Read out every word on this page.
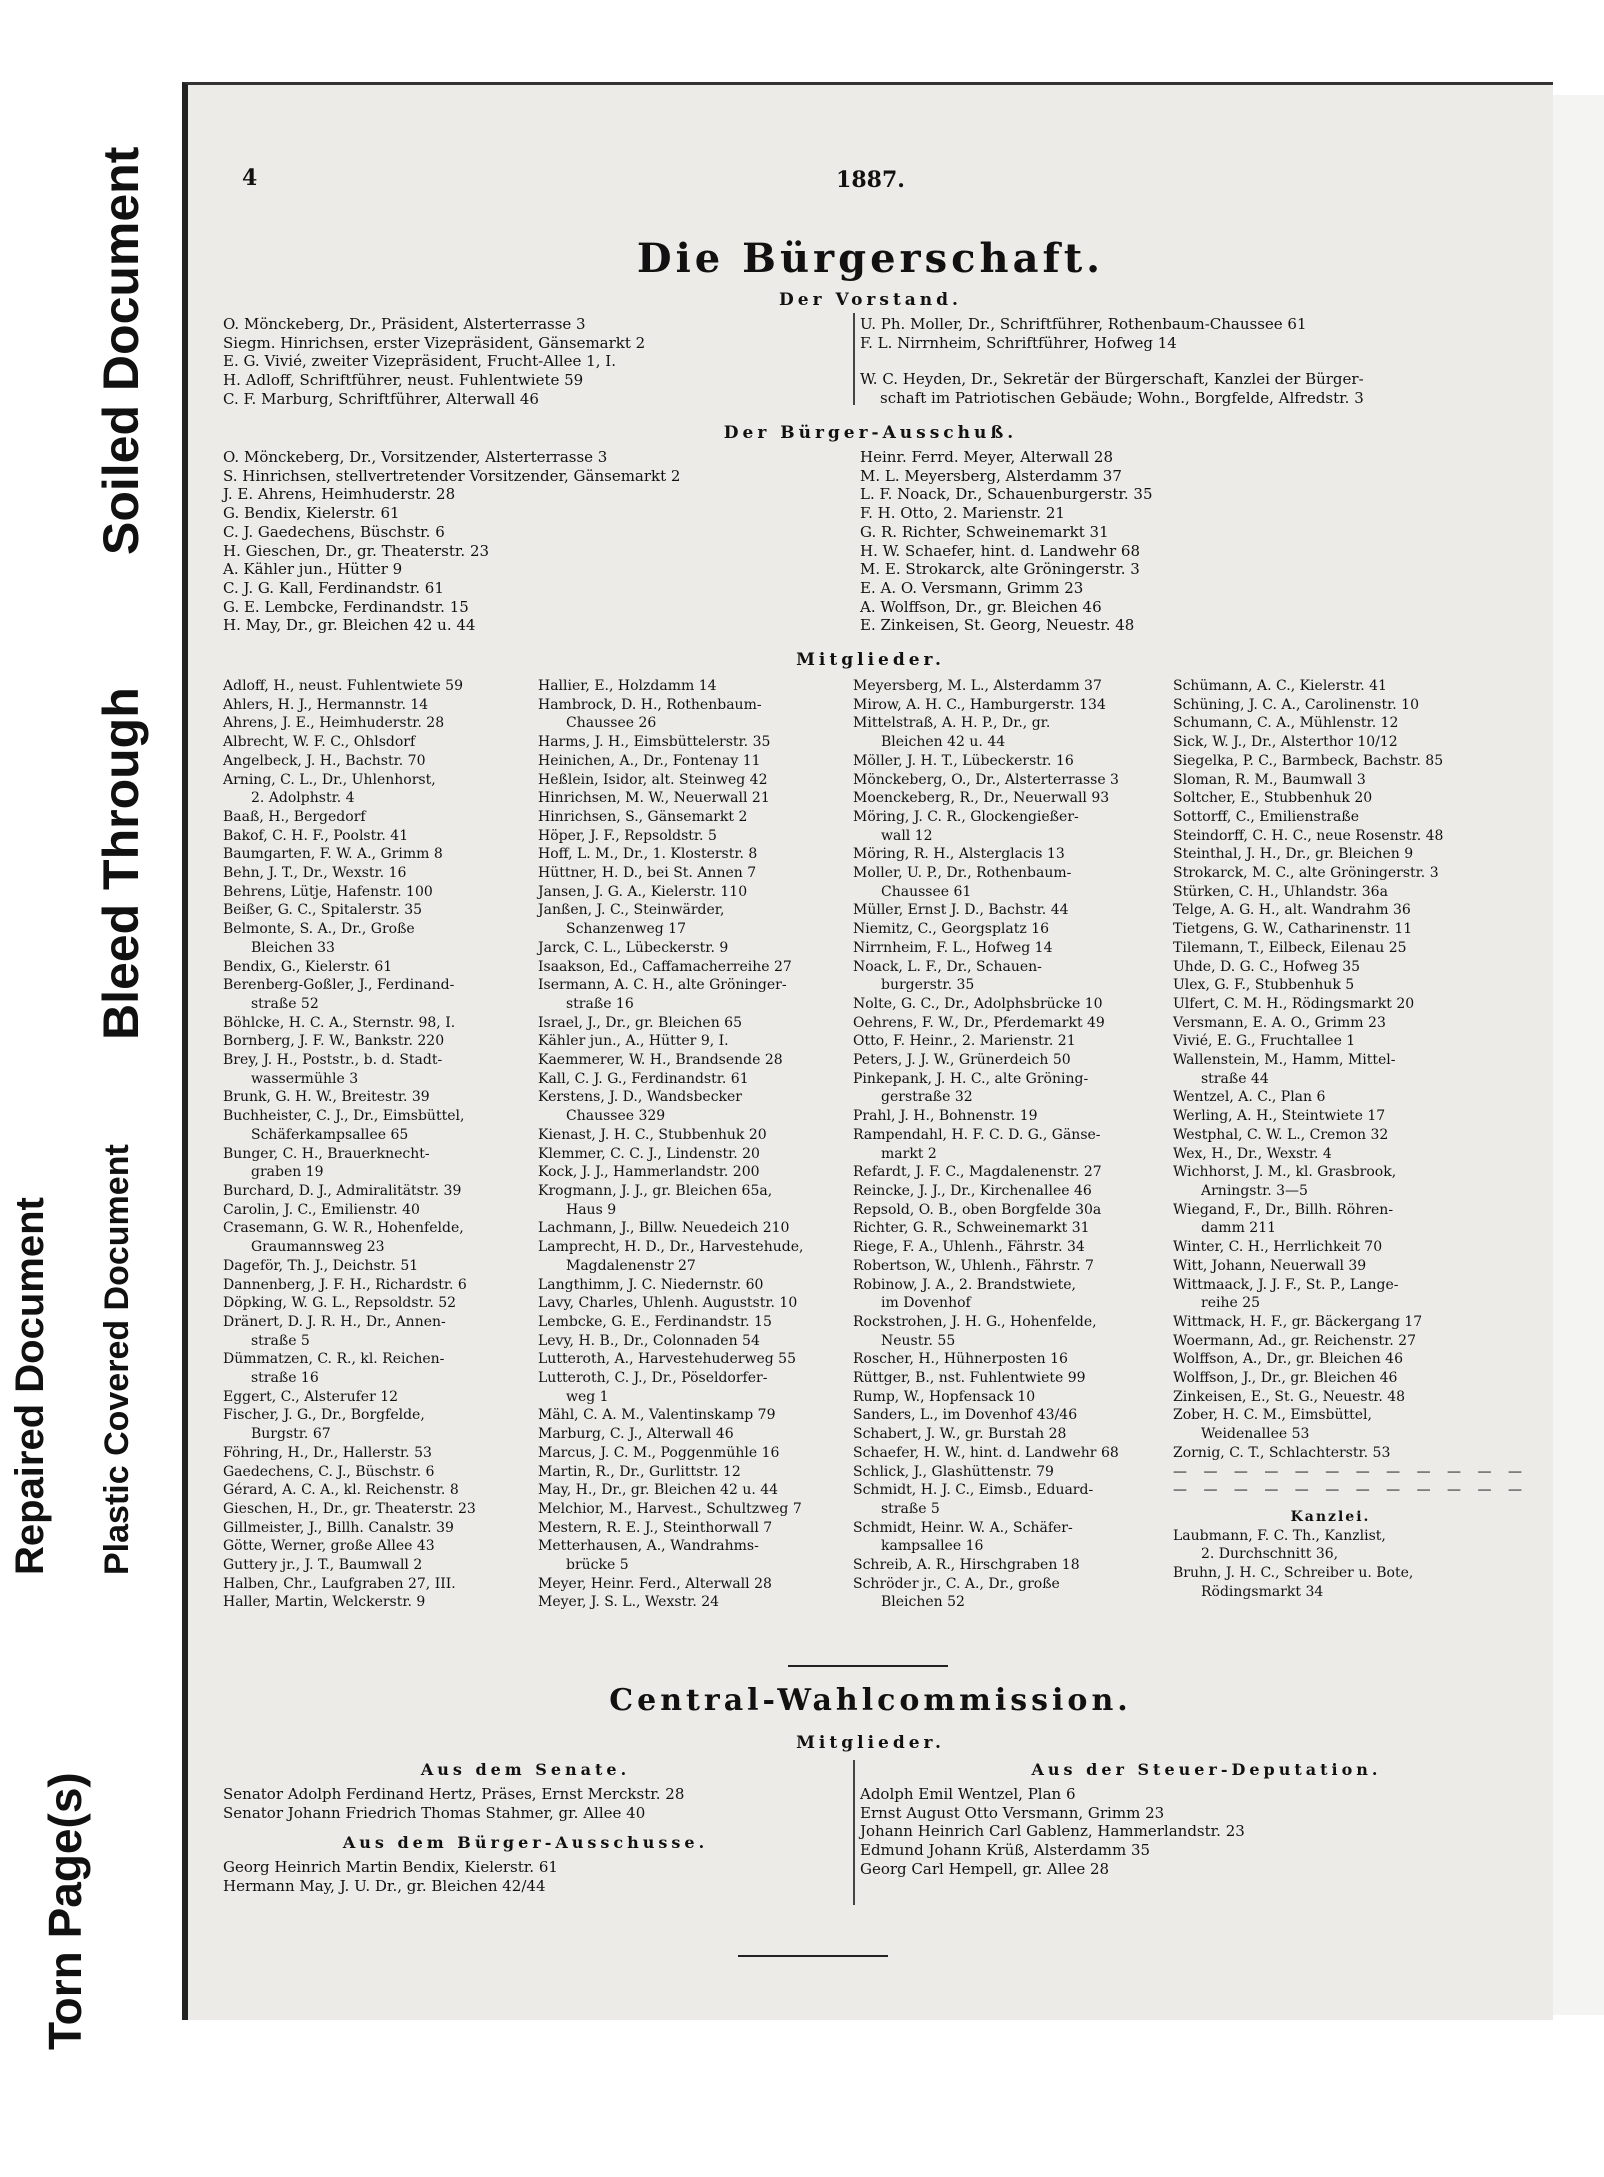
Torn Page(s)
Repaired Document Plastic Covered Document
Bleed Through
Soiled Document	4	1887.
Die Bürgerschaft.
Der Vorstand.
O. Mönckeberg, Dr., Präsident, Alsterterrasse 3
Siegm. Hinrichsen, erster Vizepräsident, Gänsemarkt 2
E. G. Vivié, zweiter Vizepräsident, Frucht-Allee 1, I.
H. Adloff, Schriftführer, neust. Fuhlentwiete 59
C. F. Marburg, Schriftführer, Alterwall 46
U. Ph. Moller, Dr., Schriftführer, Rothenbaum-Chaussee 61
F. L. Nirrnheim, Schriftführer, Hofweg 14
W. C. Heyden, Dr., Sekretär der Bürgerschaft, Kanzlei der Bürger-
schaft im Patriotischen Gebäude; Wohn., Borgfelde, Alfredstr. 3
Der Bürger-Ausschuß.
O. Mönckeberg, Dr., Vorsitzender, Alsterterrasse 3
S. Hinrichsen, stellvertretender Vorsitzender, Gänsemarkt 2
J. E. Ahrens, Heimhuderstr. 28
G. Bendix, Kielerstr. 61
C. J. Gaedechens, Büschstr. 6
H. Gieschen, Dr., gr. Theaterstr. 23
A. Kähler jun., Hütter 9
C. J. G. Kall, Ferdinandstr. 61
G. E. Lembcke, Ferdinandstr. 15
H. May, Dr., gr. Bleichen 42 u. 44
Heinr. Ferrd. Meyer, Alterwall 28
M. L. Meyersberg, Alsterdamm 37
L. F. Noack, Dr., Schauenburgerstr. 35
F. H. Otto, 2. Marienstr. 21
G. R. Richter, Schweinemarkt 31
H. W. Schaefer, hint. d. Landwehr 68
M. E. Strokarck, alte Gröningerstr. 3
E. A. O. Versmann, Grimm 23
A. Wolffson, Dr., gr. Bleichen 46
E. Zinkeisen, St. Georg, Neuestr. 48
Mitglieder.
Adloff, H., neust. Fuhlentwiete 59
Ahlers, H. J., Hermannstr. 14
Ahrens, J. E., Heimhuderstr. 28
Albrecht, W. F. C., Ohlsdorf
Angelbeck, J. H., Bachstr. 70
Arning, C. L., Dr., Uhlenhorst,
2. Adolphstr. 4
Baaß, H., Bergedorf
Bakof, C. H. F., Poolstr. 41
Baumgarten, F. W. A., Grimm 8
Behn, J. T., Dr., Wexstr. 16
Behrens, Lütje, Hafenstr. 100
Beißer, G. C., Spitalerstr. 35
Belmonte, S. A., Dr., Große
Bleichen 33
Bendix, G., Kielerstr. 61
Berenberg-Goßler, J., Ferdinand-
straße 52
Böhlcke, H. C. A., Sternstr. 98, I.
Bornberg, J. F. W., Bankstr. 220
Brey, J. H., Poststr., b. d. Stadt-
wassermühle 3
Brunk, G. H. W., Breitestr. 39
Buchheister, C. J., Dr., Eimsbüttel,
Schäferkampsallee 65
Bunger, C. H., Brauerknecht-
graben 19
Burchard, D. J., Admiralitätstr. 39
Carolin, J. C., Emilienstr. 40
Crasemann, G. W. R., Hohenfelde,
Graumannsweg 23
Dageför, Th. J., Deichstr. 51
Dannenberg, J. F. H., Richardstr. 6
Döpking, W. G. L., Repsoldstr. 52
Dränert, D. J. R. H., Dr., Annen-
straße 5
Dümmatzen, C. R., kl. Reichen-
straße 16
Eggert, C., Alsterufer 12
Fischer, J. G., Dr., Borgfelde,
Burgstr. 67
Föhring, H., Dr., Hallerstr. 53
Gaedechens, C. J., Büschstr. 6
Gérard, A. C. A., kl. Reichenstr. 8
Gieschen, H., Dr., gr. Theaterstr. 23
Gillmeister, J., Billh. Canalstr. 39
Götte, Werner, große Allee 43
Guttery jr., J. T., Baumwall 2
Halben, Chr., Laufgraben 27, III.
Haller, Martin, Welckerstr. 9
Hallier, E., Holzdamm 14
Hambrock, D. H., Rothenbaum-
Chaussee 26
Harms, J. H., Eimsbüttelerstr. 35
Heinichen, A., Dr., Fontenay 11
Heßlein, Isidor, alt. Steinweg 42
Hinrichsen, M. W., Neuerwall 21
Hinrichsen, S., Gänsemarkt 2
Höper, J. F., Repsoldstr. 5
Hoff, L. M., Dr., 1. Klosterstr. 8
Hüttner, H. D., bei St. Annen 7
Jansen, J. G. A., Kielerstr. 110
Janßen, J. C., Steinwärder,
Schanzenweg 17
Jarck, C. L., Lübeckerstr. 9
Isaakson, Ed., Caffamacherreihe 27
Isermann, A. C. H., alte Gröninger-
straße 16
Israel, J., Dr., gr. Bleichen 65
Kähler jun., A., Hütter 9, I.
Kaemmerer, W. H., Brandsende 28
Kall, C. J. G., Ferdinandstr. 61
Kerstens, J. D., Wandsbecker
Chaussee 329
Kienast, J. H. C., Stubbenhuk 20
Klemmer, C. C. J., Lindenstr. 20
Kock, J. J., Hammerlandstr. 200
Krogmann, J. J., gr. Bleichen 65a,
Haus 9
Lachmann, J., Billw. Neuedeich 210
Lamprecht, H. D., Dr., Harvestehude,
Magdalenenstr 27
Langthimm, J. C. Niedernstr. 60
Lavy, Charles, Uhlenh. Auguststr. 10
Lembcke, G. E., Ferdinandstr. 15
Levy, H. B., Dr., Colonnaden 54
Lutteroth, A., Harvestehuderweg 55
Lutteroth, C. J., Dr., Pöseldorfer-
weg 1
Mähl, C. A. M., Valentinskamp 79
Marburg, C. J., Alterwall 46
Marcus, J. C. M., Poggenmühle 16
Martin, R., Dr., Gurlittstr. 12
May, H., Dr., gr. Bleichen 42 u. 44
Melchior, M., Harvest., Schultzweg 7
Mestern, R. E. J., Steinthorwall 7
Metterhausen, A., Wandrahms-
brücke 5
Meyer, Heinr. Ferd., Alterwall 28
Meyer, J. S. L., Wexstr. 24
Meyersberg, M. L., Alsterdamm 37
Mirow, A. H. C., Hamburgerstr. 134
Mittelstraß, A. H. P., Dr., gr.
Bleichen 42 u. 44
Möller, J. H. T., Lübeckerstr. 16
Mönckeberg, O., Dr., Alsterterrasse 3
Moenckeberg, R., Dr., Neuerwall 93
Möring, J. C. R., Glockengießer-
wall 12
Möring, R. H., Alsterglacis 13
Moller, U. P., Dr., Rothenbaum-
Chaussee 61
Müller, Ernst J. D., Bachstr. 44
Niemitz, C., Georgsplatz 16
Nirrnheim, F. L., Hofweg 14
Noack, L. F., Dr., Schauen-
burgerstr. 35
Nolte, G. C., Dr., Adolphsbrücke 10
Oehrens, F. W., Dr., Pferdemarkt 49
Otto, F. Heinr., 2. Marienstr. 21
Peters, J. J. W., Grünerdeich 50
Pinkepank, J. H. C., alte Gröning-
gerstraße 32
Prahl, J. H., Bohnenstr. 19
Rampendahl, H. F. C. D. G., Gänse-
markt 2
Refardt, J. F. C., Magdalenenstr. 27
Reincke, J. J., Dr., Kirchenallee 46
Repsold, O. B., oben Borgfelde 30a
Richter, G. R., Schweinemarkt 31
Riege, F. A., Uhlenh., Fährstr. 34
Robertson, W., Uhlenh., Fährstr. 7
Robinow, J. A., 2. Brandstwiete,
im Dovenhof
Rockstrohen, J. H. G., Hohenfelde,
Neustr. 55
Roscher, H., Hühnerposten 16
Rüttger, B., nst. Fuhlentwiete 99
Rump, W., Hopfensack 10
Sanders, L., im Dovenhof 43/46
Schabert, J. W., gr. Burstah 28
Schaefer, H. W., hint. d. Landwehr 68
Schlick, J., Glashüttenstr. 79
Schmidt, H. J. C., Eimsb., Eduard-
straße 5
Schmidt, Heinr. W. A., Schäfer-
kampsallee 16
Schreib, A. R., Hirschgraben 18
Schröder jr., C. A., Dr., große
Bleichen 52
Schümann, A. C., Kielerstr. 41
Schüning, J. C. A., Carolinenstr. 10
Schumann, C. A., Mühlenstr. 12
Sick, W. J., Dr., Alsterthor 10/12
Siegelka, P. C., Barmbeck, Bachstr. 85
Sloman, R. M., Baumwall 3
Soltcher, E., Stubbenhuk 20
Sottorff, C., Emilienstraße
Steindorff, C. H. C., neue Rosenstr. 48
Steinthal, J. H., Dr., gr. Bleichen 9
Strokarck, M. C., alte Gröningerstr. 3
Stürken, C. H., Uhlandstr. 36a
Telge, A. G. H., alt. Wandrahm 36
Tietgens, G. W., Catharinenstr. 11
Tilemann, T., Eilbeck, Eilenau 25
Uhde, D. G. C., Hofweg 35
Ulex, G. F., Stubbenhuk 5
Ulfert, C. M. H., Rödingsmarkt 20
Versmann, E. A. O., Grimm 23
Vivié, E. G., Fruchtallee 1
Wallenstein, M., Hamm, Mittel-
straße 44
Wentzel, A. C., Plan 6
Werling, A. H., Steintwiete 17
Westphal, C. W. L., Cremon 32
Wex, H., Dr., Wexstr. 4
Wichhorst, J. M., kl. Grasbrook,
Arningstr. 3—5
Wiegand, F., Dr., Billh. Röhren-
damm 211
Winter, C. H., Herrlichkeit 70
Witt, Johann, Neuerwall 39
Wittmaack, J. J. F., St. P., Lange-
reihe 25
Wittmack, H. F., gr. Bäckergang 17
Woermann, Ad., gr. Reichenstr. 27
Wolffson, A., Dr., gr. Bleichen 46
Wolffson, J., Dr., gr. Bleichen 46
Zinkeisen, E., St. G., Neuestr. 48
Zober, H. C. M., Eimsbüttel,
Weidenallee 53
Zornig, C. T., Schlachterstr. 53
— — — — — — — — — — — —
— — — — — — — — — — — —
Kanzlei.
Laubmann, F. C. Th., Kanzlist,
2. Durchschnitt 36,
Bruhn, J. H. C., Schreiber u. Bote,
Rödingsmarkt 34
Central-Wahlcommission.
Mitglieder.
Aus dem Senate.
Senator Adolph Ferdinand Hertz, Präses, Ernst Merckstr. 28
Senator Johann Friedrich Thomas Stahmer, gr. Allee 40
Aus dem Bürger-Ausschusse.
Georg Heinrich Martin Bendix, Kielerstr. 61
Hermann May, J. U. Dr., gr. Bleichen 42/44
Aus der Steuer-Deputation.
Adolph Emil Wentzel, Plan 6
Ernst August Otto Versmann, Grimm 23
Johann Heinrich Carl Gablenz, Hammerlandstr. 23
Edmund Johann Krüß, Alsterdamm 35
Georg Carl Hempell, gr. Allee 28
